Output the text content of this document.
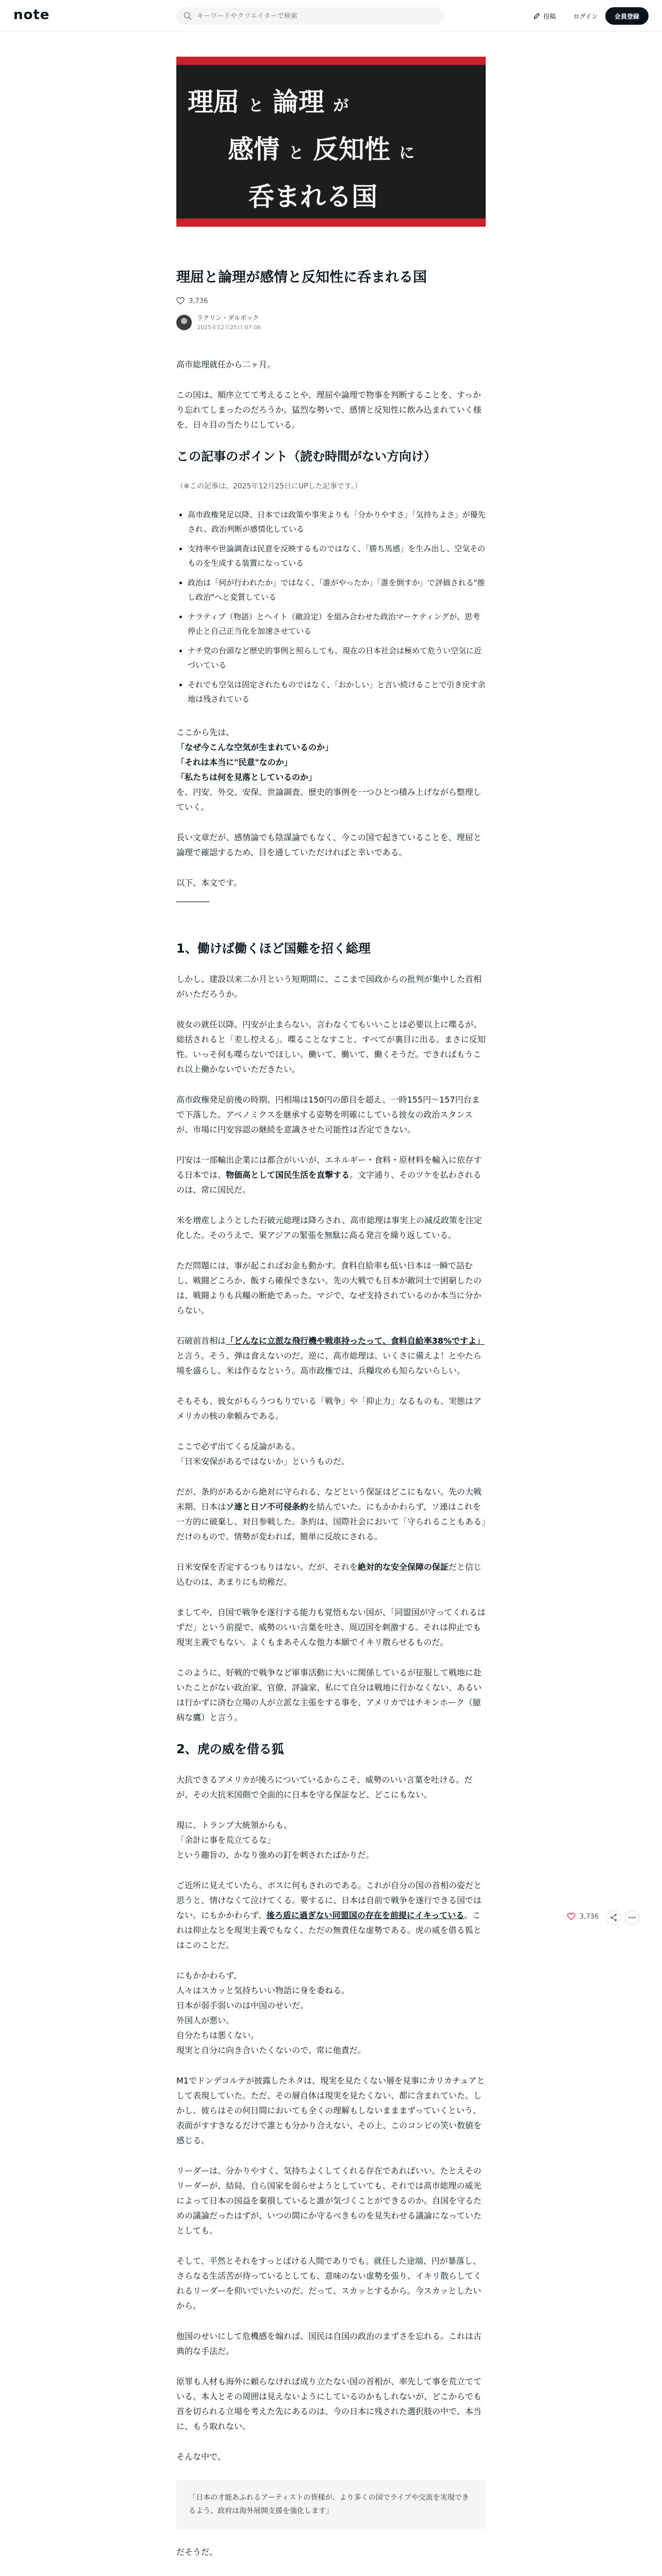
note
キーワードやクリエイターで検索	投稿	ログイン	会員登録
理屈 と 論理 が
感情 と 反知性 に
呑まれる国
理屈と論理が感情と反知性に呑まれる国
3,736
ラクリン・ダルボック
2025年12月25日 07:06

高市総理就任から二ヶ月。

この国は、順序立てて考えることや、理屈や論理で物事を判断することを、すっかり忘れてしまったのだろうか。猛烈な勢いで、感情と反知性に飲み込まれていく様を、日々目の当たりにしている。

この記事のポイント（読む時間がない方向け）

（※この記事は、2025年12月25日にUPした記事です。）

高市政権発足以降、日本では政策や事実よりも「分かりやすさ」「気持ちよさ」が優先され、政治判断が感情化している
支持率や世論調査は民意を反映するものではなく、「勝ち馬感」を生み出し、空気そのものを生成する装置になっている
政治は「何が行われたか」ではなく、「誰がやったか」「誰を倒すか」で評価される"推し政治"へと変質している
ナラティブ（物語）とヘイト（敵設定）を組み合わせた政治マーケティングが、思考停止と自己正当化を加速させている
ナチ党の台頭など歴史的事例と照らしても、現在の日本社会は極めて危うい空気に近づいている
それでも空気は固定されたものではなく、「おかしい」と言い続けることで引き戻す余地は残されている

ここから先は、
「なぜ今こんな空気が生まれているのか」
「それは本当に"民意"なのか」
「私たちは何を見落としているのか」
を、円安、外交、安保、世論調査、歴史的事例を一つひとつ積み上げながら整理していく。

長い文章だが、感情論でも陰謀論でもなく、今この国で起きていることを、理屈と論理で確認するため、目を通していただければと幸いである。

以下、本文です。

――――

1、働けば働くほど国難を招く総理

しかし、建設以来二か月という短期間に、ここまで国政からの批判が集中した首相がいただろうか。

彼女の就任以降、円安が止まらない。言わなくてもいいことは必要以上に喋るが、総括されると「差し控える」。喋ることなすこと、すべてが裏目に出る。まさに反知性。いっそ何も喋らないでほしい。働いて、働いて、働くそうだ。できればもうこれ以上働かないでいただきたい。

高市政権発足前後の時期、円相場は150円の節目を超え、一時155円〜157円台まで下落した。アベノミクスを継承する姿勢を明確にしている彼女の政治スタンスが、市場に円安容認の継続を意識させた可能性は否定できない。

円安は一部輸出企業には都合がいいが、エネルギー・食料・原材料を輸入に依存する日本では、物価高として国民生活を直撃する。文字通り、そのツケを払わされるのは、常に国民だ。

米を増産しようとした石破元総理は降ろされ、高市総理は事実上の減反政策を注定化した。そのうえで、果アジアの緊張を無駄に高る発言を繰り返している。

ただ問題には、事が起こればお金も動かす。食料自給率も低い日本は一瞬で詰むし、戦闘どころか、飯すら確保できない。先の大戦でも日本が敵同士で困窮したのは、戦闘よりも兵糧の断絶であった。マジで、なぜ支持されているのか本当に分からない。

石破前首相は「どんなに立派な飛行機や戦車持ったって、食料自給率38%ですよ」と言う。そう、弾は食えないのだ。逆に、高市総理は、いくさに備えよ！とやたら場を盛らし、米は作るなという。高市政権では、兵糧攻めも知らないらしい。

そもそも、彼女がもらうつもりでいる「戦争」や「抑止力」なるものも、実態はアメリカの核の傘頼みである。

ここで必ず出てくる反論がある。
「日米安保があるではないか」というものだ。

だが、条約があるから絶対に守られる、などという保証はどこにもない。先の大戦末期、日本はソ連と日ソ不可侵条約を結んでいた。にもかかわらず、ソ連はこれを一方的に破棄し、対日参戦した。条約は、国際社会において「守られることもある」だけのもので、情勢が変われば、簡単に反故にされる。

日米安保を否定するつもりはない。だが、それを絶対的な安全保障の保証だと信じ込むのは、あまりにも幼稚だ。

ましてや、自国で戦争を遂行する能力も覚悟もない国が、「同盟国が守ってくれるはずだ」という前提で、威勢のいい言葉を吐き、周辺国を刺激する。それは抑止でも現実主義でもない。よくもまあそんな他力本願でイキリ散らせるものだ。

このように、好戦的で戦争など軍事活動に大いに関係しているが征服して戦地に赴いたことがない政治家、官僚、評論家、私にて自分は戦地に行かなくない、あるいは行かずに済む立場の人が立派な主張をする事を、アメリカではチキンホーク（臆病な鷹）と言う。

2、虎の威を借る狐

大抗できるアメリカが後ろについているからこそ、威勢のいい言葉を吐ける。だが、その大抗米国側で全面的に日本を守る保証など、どこにもない。

現に、トランプ大統領からも、
「余計に事を荒立てるな」
という趣旨の、かなり強めの釘を刺されたばかりだ。

ご近所に見えていたら、ボスに何もされのである。これが自分の国の首相の姿だと思うと、情けなくて泣けてくる。要するに、日本は自前で戦争を遂行できる国ではない。にもかかわらず、後ろ盾に過ぎない同盟国の存在を前提にイキっている。これは抑止なとを現実主義でもなく、ただの無責任な虚勢である。虎の威を借る狐とはこのことだ。

にもかかわらず、
人々はスカッと気持ちいい物語に身を委ねる。
日本が弱手弱いのは中国のせいだ。
外国人が悪い。
自分たちは悪くない。
現実と自分に向き合いたくないので、常に他責だ。

M1でドンデコルテが披露したネタは、現実を見たくない層を見事にカリカチュアとして表現していた。ただ、その層自体は現実を見たくない、都に含まれていた。しかし、彼らはその何日間においても全くの理解もしないまままずっていくという、表面がすすきなるだけで誰とも分かり合えない、その上、このコンビの笑い数値を感じる。

リーダーは、分かりやすく、気持ちよくしてくれる存在であればいい。たとえそのリーダーが、結局、自ら国家を弱らせようとしていても、それでは高市総理の威光によって日本の国益を棄損していると誰が気づくことができるのか。自国を守るための議論だったはずが、いつの間にか守るべきものを見失わせる議論になっていたとしても。

そして、平然とそれをすっとばける人間でありでも。就任した途端、円が暴落し、さらなる生活苦が待っているとしても、意味のない虚勢を張り、イキリ散らしてくれるリーダーを仰いでいたいのだ。だって、スカッとするから。今スカッとしたいから。

他国のせいにして危機感を煽れば、国民は自国の政治のまずさを忘れる。これは古典的な手法だ。

原罪も人材も海外に頼らなければ成り立たない国の首相が、率先して事を荒立てている。本人とその周囲は見えないようにしているのかもしれないが、どこからでも首を切られる立場を考えた先にあるのは、今の日本に残された選択肢の中で、本当に、もう取れない。

そんな中で、

「日本の才能あふれるアーティストの皆様が、より多くの国でライブや交流を実現できるよう、政府は海外展開支援を強化します」

だそうだ。

3,736
